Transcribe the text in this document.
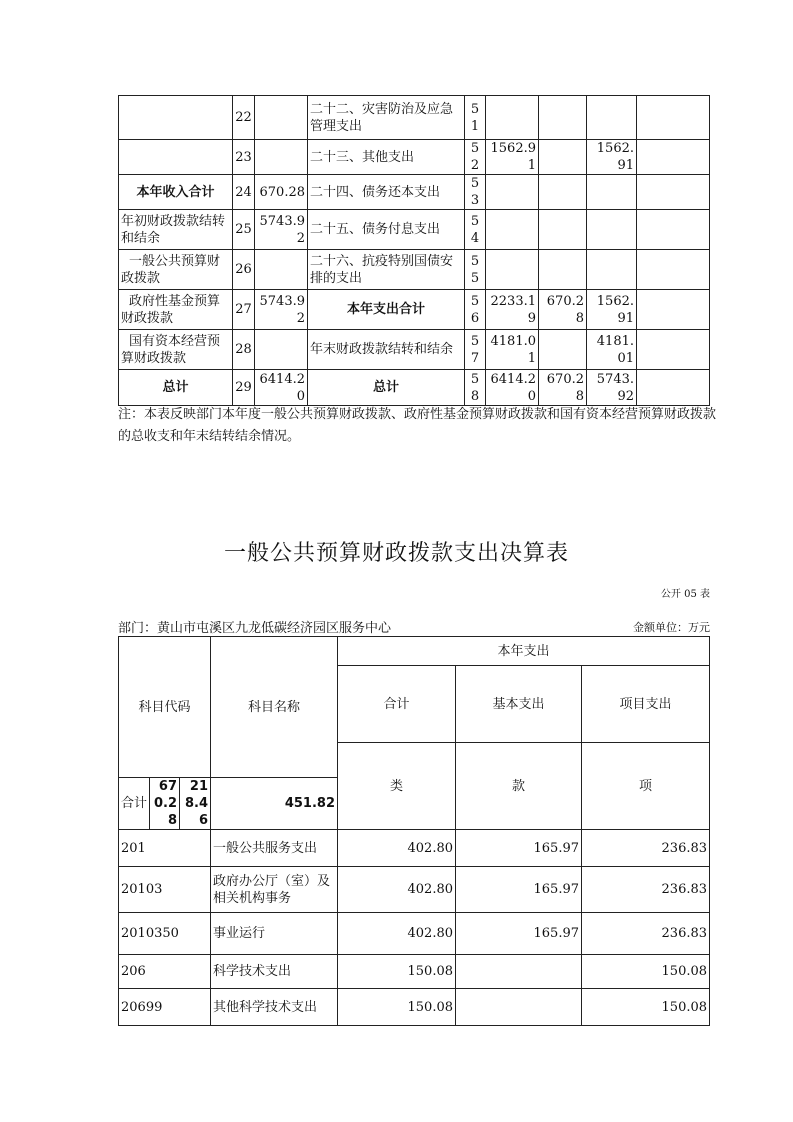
	22		二十二、灾害防治及应急管理支出	51				
	23		二十三、其他支出	52	1562.91		1562.91	
本年收入合计	24	670.28	二十四、债务还本支出	53				
年初财政拨款结转和结余	25	5743.92	二十五、债务付息支出	54				
一般公共预算财政拨款	26		二十六、抗疫特别国债安排的支出	55				
政府性基金预算财政拨款	27	5743.92	本年支出合计	56	2233.19	670.28	1562.91	
国有资本经营预算财政拨款	28		年末财政拨款结转和结余	57	4181.01		4181.01	
总计	29	6414.20	总计	58	6414.20	670.28	5743.92	
注：本表反映部门本年度一般公共预算财政拨款、政府性基金预算财政拨款和国有资本经营预算财政拨款的总收支和年末结转结余情况。
一般公共预算财政拨款支出决算表
公开 05 表
部门：黄山市屯溪区九龙低碳经济园区服务中心	金额单位：万元
科目代码			科目名称	本年支出			
				合计	基本支出	项目支出	
				类	款	项				
合计	670.28	218.46	451.82				
201			一般公共服务支出	402.80	165.97	236.83	
20103			政府办公厅（室）及相关机构事务	402.80	165.97	236.83	
2010350			事业运行	402.80	165.97	236.83	
206			科学技术支出	150.08		150.08	
20699			其他科学技术支出	150.08		150.08	
